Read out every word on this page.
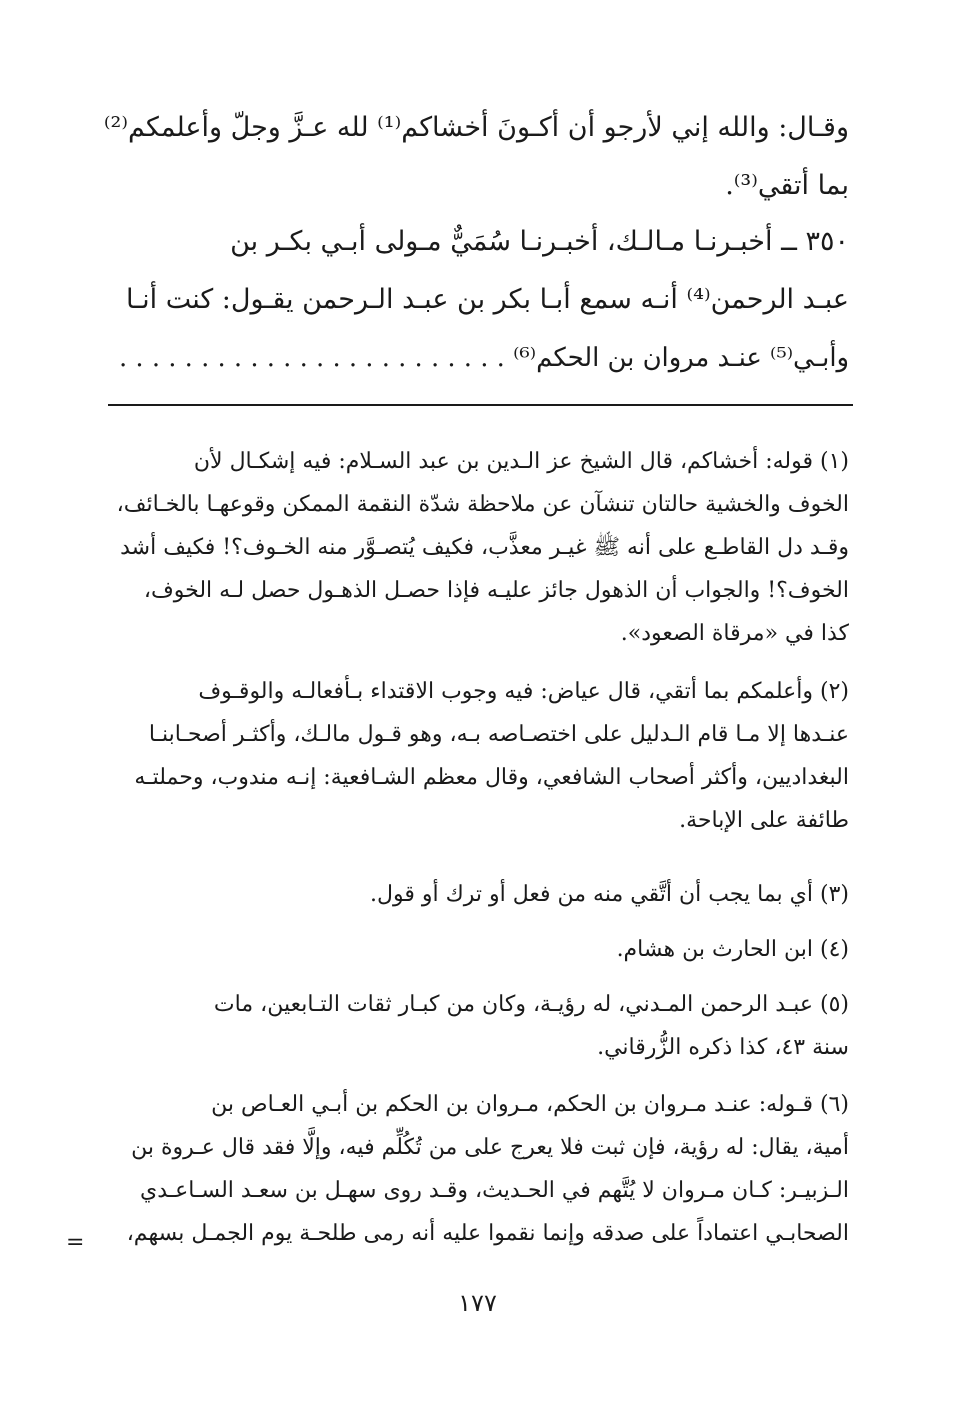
وقـال: والله إني لأرجو أن أكـونَ أخشاكم⁽¹⁾ لله عـزَّ وجلّ وأعلمكم⁽²⁾
بما أتقي⁽³⁾.
٣٥٠ ــ أخبـرنـا مـالـك، أخبـرنـا سُمَيٌّ مـولى أبـي بكـر بن
عبـد الرحمن⁽⁴⁾ أنـه سمع أبـا بكر بن عبـد الـرحمن يقـول: كنت أنـا
وأبـي⁽⁵⁾ عنـد مروان بن الحكم⁽⁶⁾ . . . . . . . . . . . . . . . . . . . . . . . .
(١) قوله: أخشاكم، قال الشيخ عز الـدين بن عبد السـلام: فيه إشكـال لأن
الخوف والخشية حالتان تنشآن عن ملاحظة شدّة النقمة الممكن وقوعهـا بالخـائف،
وقـد دل القاطـع على أنه ﷺ غيـر معذَّب، فكيف يُتصـوَّر منه الخـوف؟! فكيف أشد
الخوف؟! والجواب أن الذهول جائز عليـه فإذا حصـل الذهـول حصل لـه الخوف،
كذا في «مرقاة الصعود».
(٢) وأعلمكم بما أتقي، قال عياض: فيه وجوب الاقتداء بـأفعالـه والوقـوف
عنـدها إلا مـا قام الـدليل على اختصـاصه بـه، وهو قـول مالـك، وأكثـر أصحـابنـا
البغداديين، وأكثر أصحاب الشافعي، وقال معظم الشـافعية: إنـه مندوب، وحملتـه
طائفة على الإباحة.
(٣) أي بما يجب أن أتَّقي منه من فعل أو ترك أو قول.
(٤) ابن الحارث بن هشام.
(٥) عبـد الرحمن المـدني، له رؤيـة، وكان من كبـار ثقات التـابعين، مات
سنة ٤٣، كذا ذكره الزُّرقاني.
(٦) قـوله: عنـد مـروان بن الحكم، مـروان بن الحكم بن أبـي العـاص بن
أمية، يقال: له رؤية، فإن ثبت فلا يعرج على من تُكُلِّم فيه، وإلَّا فقد قال عـروة بن
الـزبيـر: كـان مـروان لا يُتَّهم في الحـديث، وقـد روى سهـل بن سعـد السـاعـدي
الصحابـي اعتماداً على صدقه وإنما نقموا عليه أنه رمى طلحـة يوم الجمـل بسهم،
=
١٧٧
